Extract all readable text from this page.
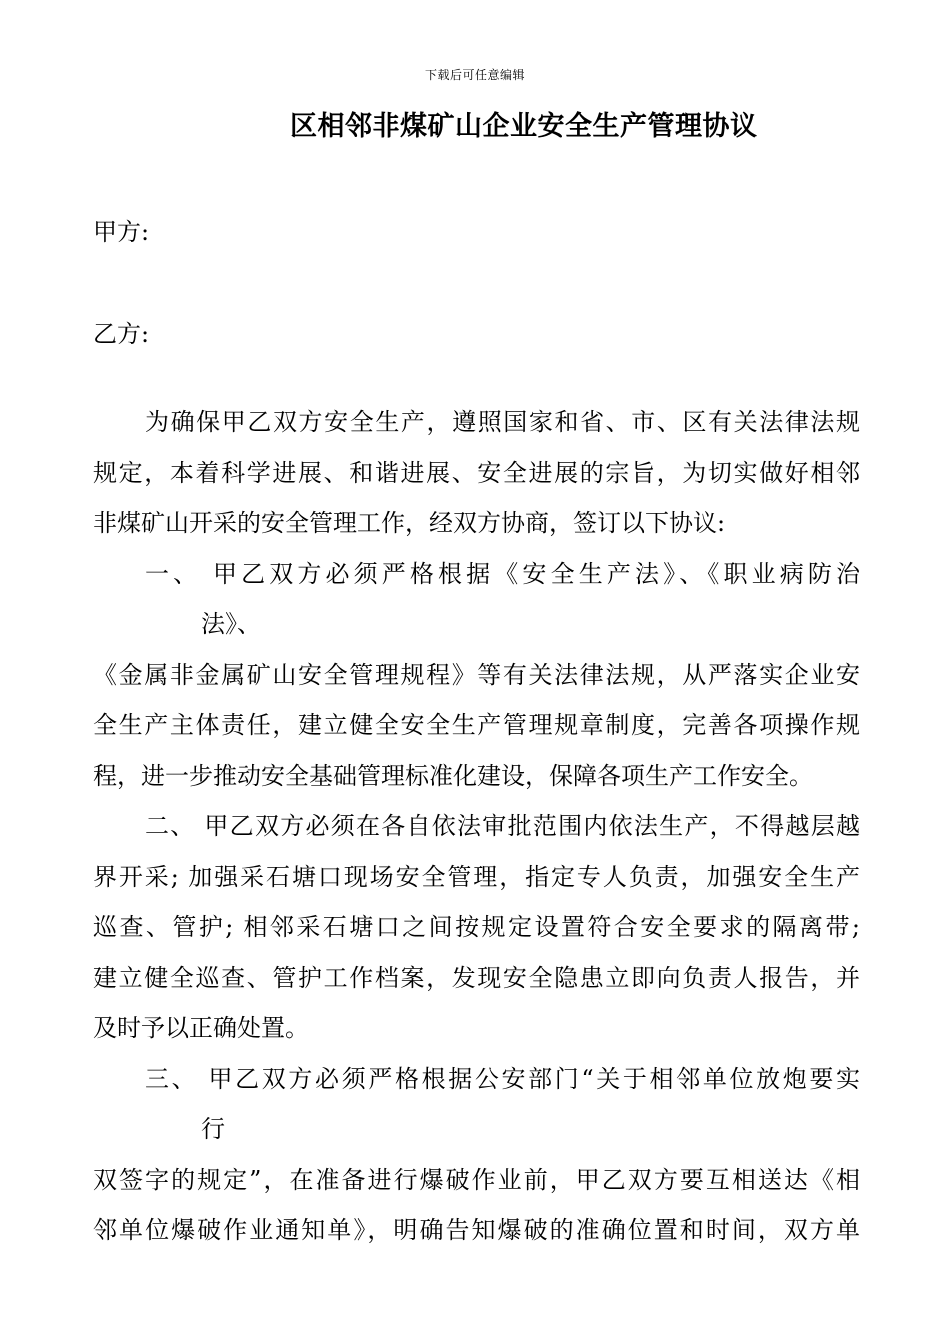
下载后可任意编辑
区相邻非煤矿山企业安全生产管理协议
甲方:
乙方:
为确保甲乙双方安全生产，遵照国家和省、市、区有关法律法规
规定，本着科学进展、和谐进展、安全进展的宗旨，为切实做好相邻
非煤矿山开采的安全管理工作，经双方协商，签订以下协议:
一、 甲乙双方必须严格根据《安全生产法》、《职业病防治
法》、
《金属非金属矿山安全管理规程》等有关法律法规，从严落实企业安
全生产主体责任，建立健全安全生产管理规章制度，完善各项操作规
程，进一步推动安全基础管理标准化建设，保障各项生产工作安全。
二、 甲乙双方必须在各自依法审批范围内依法生产，不得越层越
界开采; 加强采石塘口现场安全管理，指定专人负责，加强安全生产
巡查、管护; 相邻采石塘口之间按规定设置符合安全要求的隔离带;
建立健全巡查、管护工作档案，发现安全隐患立即向负责人报告，并
及时予以正确处置。
三、 甲乙双方必须严格根据公安部门“关于相邻单位放炮要实
行
双签字的规定”，在准备进行爆破作业前，甲乙双方要互相送达《相
邻单位爆破作业通知单》，明确告知爆破的准确位置和时间，双方单
